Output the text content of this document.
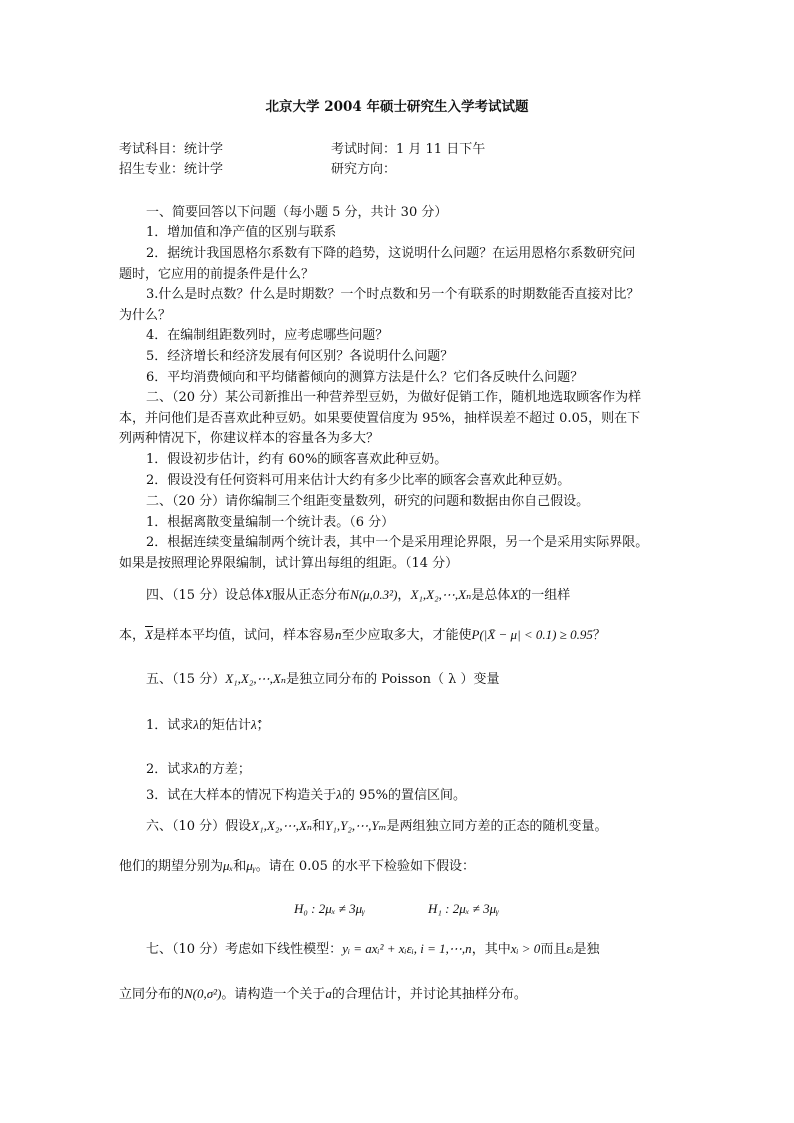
北京大学 2004 年硕士研究生入学考试试题
考试科目：统计学	考试时间：1 月 11 日下午
招生专业：统计学	研究方向：
一、简要回答以下问题（每小题 5 分，共计 30 分）
1．增加值和净产值的区别与联系
2．据统计我国恩格尔系数有下降的趋势，这说明什么问题？在运用恩格尔系数研究问
题时，它应用的前提条件是什么？
3.什么是时点数？什么是时期数？一个时点数和另一个有联系的时期数能否直接对比？
为什么？
4．在编制组距数列时，应考虑哪些问题？
5．经济增长和经济发展有何区别？各说明什么问题？
6．平均消费倾向和平均储蓄倾向的测算方法是什么？它们各反映什么问题？
二、（20 分）某公司新推出一种营养型豆奶，为做好促销工作，随机地选取顾客作为样
本，并问他们是否喜欢此种豆奶。如果要使置信度为 95%，抽样误差不超过 0.05，则在下
列两种情况下，你建议样本的容量各为多大？
1．假设初步估计，约有 60%的顾客喜欢此种豆奶。
2．假设没有任何资料可用来估计大约有多少比率的顾客会喜欢此种豆奶。
二、（20 分）请你编制三个组距变量数列，研究的问题和数据由你自己假设。
1．根据离散变量编制一个统计表。（6 分）
2．根据连续变量编制两个统计表，其中一个是采用理论界限，另一个是采用实际界限。
如果是按照理论界限编制，试计算出每组的组距。（14 分）
四、（15 分）设总体X服从正态分布N(μ,0.3²)，X₁,X₂,⋯,Xₙ是总体X的一组样
本，$\overline{X}$是样本平均值，试问，样本容易n至少应取多大，才能使P(|X̄ − μ| < 0.1) ≥ 0.95？
五、（15 分）X₁,X₂,⋯,Xₙ是独立同分布的 Poisson（ λ ）变量
1．试求λ的矩估计λ̂；
2．试求λ̂的方差；
3．试在大样本的情况下构造关于λ的 95%的置信区间。
六、（10 分）假设X₁,X₂,⋯,Xₙ和Y₁,Y₂,⋯,Yₘ是两组独立同方差的正态的随机变量。
他们的期望分别为μₓ和μᵧ。请在 0.05 的水平下检验如下假设：
H₀ : 2μₓ ≠ 3μᵧ	H₁ : 2μₓ ≠ 3μᵧ
七、（10 分）考虑如下线性模型：yᵢ = axᵢ² + xᵢεᵢ, i = 1,⋯,n，其中xᵢ > 0而且εᵢ是独
立同分布的N(0,σ²)。请构造一个关于a的合理估计，并讨论其抽样分布。
